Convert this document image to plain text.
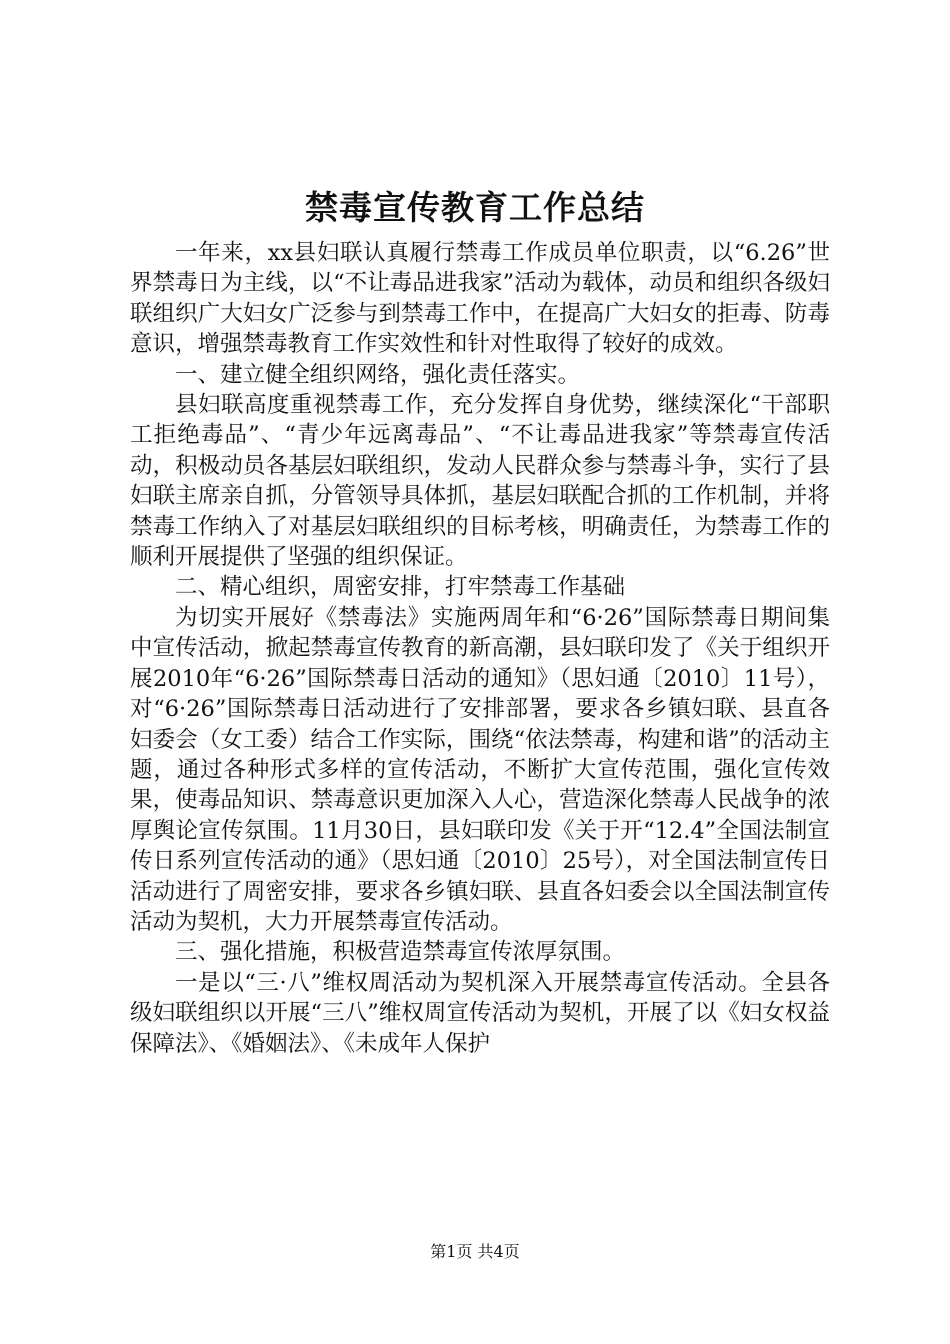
禁毒宣传教育工作总结

一年来，xx县妇联认真履行禁毒工作成员单位职责，以“6.26”世界禁毒日为主线，以“不让毒品进我家”活动为载体，动员和组织各级妇联组织广大妇女广泛参与到禁毒工作中，在提高广大妇女的拒毒、防毒意识，增强禁毒教育工作实效性和针对性取得了较好的成效。

一、建立健全组织网络，强化责任落实。

县妇联高度重视禁毒工作，充分发挥自身优势，继续深化“干部职工拒绝毒品”、“青少年远离毒品”、“不让毒品进我家”等禁毒宣传活动，积极动员各基层妇联组织，发动人民群众参与禁毒斗争，实行了县妇联主席亲自抓，分管领导具体抓，基层妇联配合抓的工作机制，并将禁毒工作纳入了对基层妇联组织的目标考核，明确责任，为禁毒工作的顺利开展提供了坚强的组织保证。

二、精心组织，周密安排，打牢禁毒工作基础

为切实开展好《禁毒法》实施两周年和“6·26”国际禁毒日期间集中宣传活动，掀起禁毒宣传教育的新高潮，县妇联印发了《关于组织开展2010年“6·26”国际禁毒日活动的通知》（思妇通〔2010〕11号），对“6·26”国际禁毒日活动进行了安排部署，要求各乡镇妇联、县直各妇委会（女工委）结合工作实际，围绕“依法禁毒，构建和谐”的活动主题，通过各种形式多样的宣传活动，不断扩大宣传范围，强化宣传效果，使毒品知识、禁毒意识更加深入人心，营造深化禁毒人民战争的浓厚舆论宣传氛围。11月30日，县妇联印发《关于开“12.4”全国法制宣传日系列宣传活动的通》（思妇通〔2010〕25号），对全国法制宣传日活动进行了周密安排，要求各乡镇妇联、县直各妇委会以全国法制宣传活动为契机，大力开展禁毒宣传活动。

三、强化措施，积极营造禁毒宣传浓厚氛围。

一是以“三·八”维权周活动为契机深入开展禁毒宣传活动。全县各级妇联组织以开展“三八”维权周宣传活动为契机，开展了以《妇女权益保障法》、《婚姻法》、《未成年人保护

第1页 共4页
